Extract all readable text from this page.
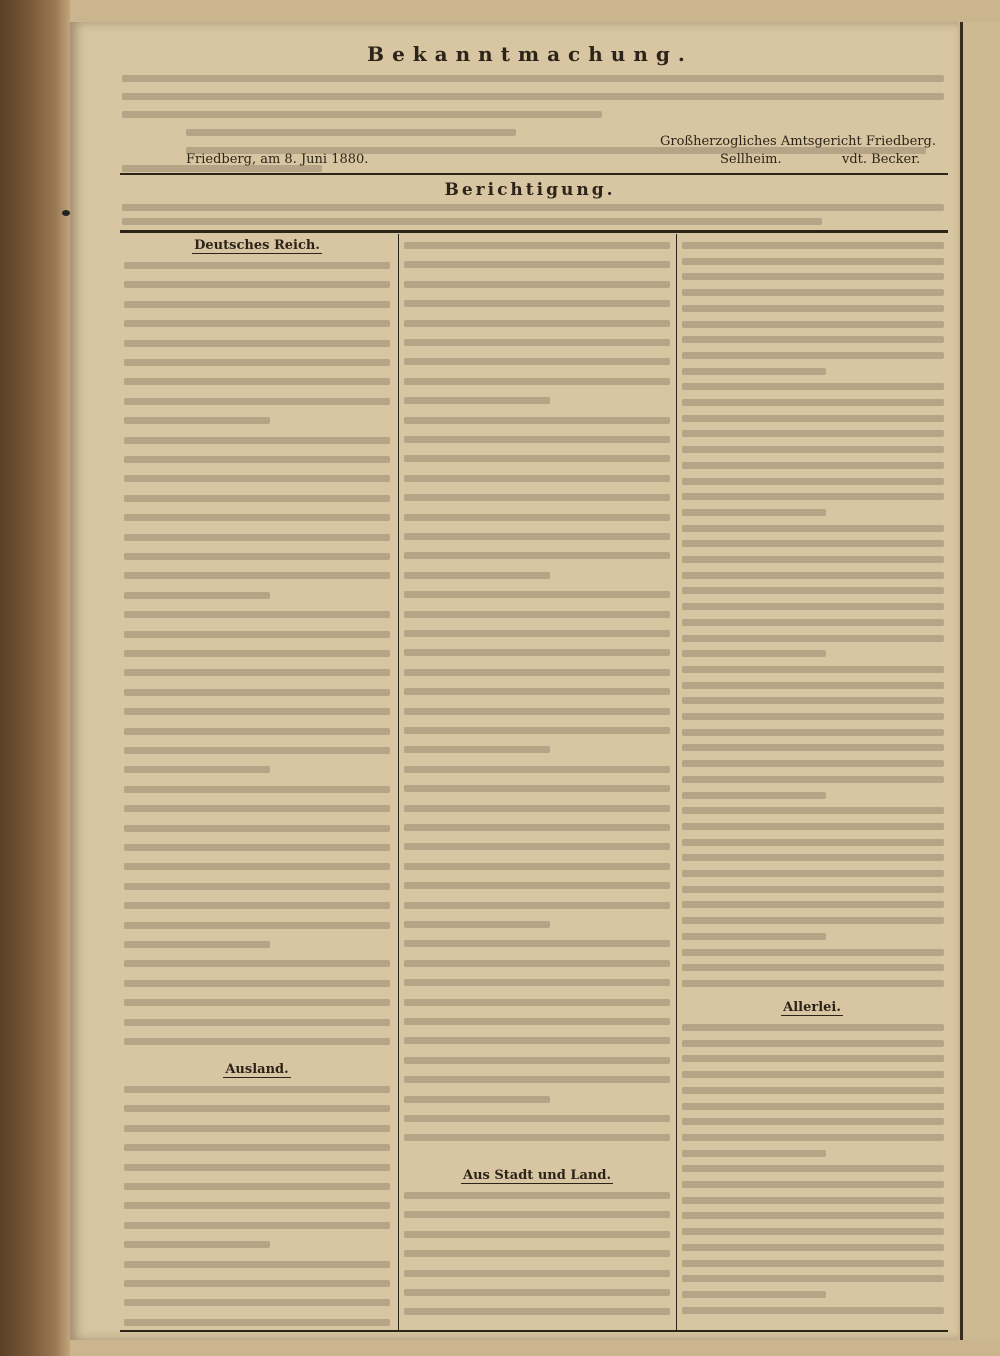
Bekanntmachung.
Friedberg, am 8. Juni 1880.
Großherzogliches Amtsgericht Friedberg.
Sellheim.	vdt. Becker.
Berichtigung.
Deutsches Reich.
Ausland.
Aus Stadt und Land.
Allerlei.
